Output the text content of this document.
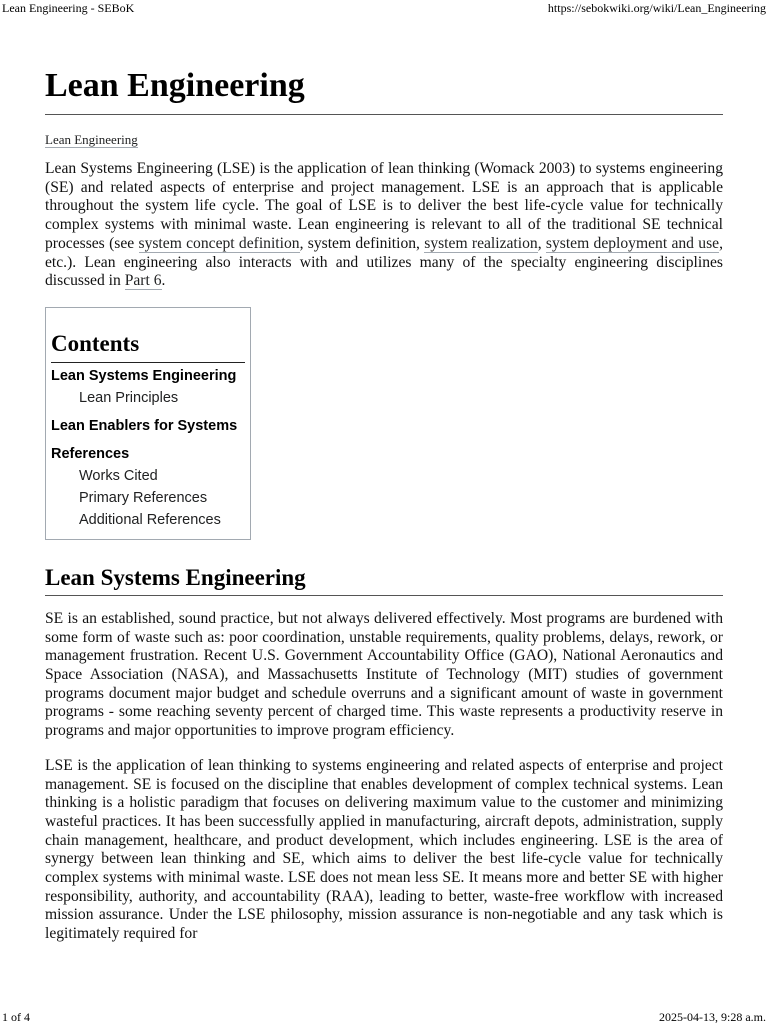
Lean Engineering - SEBoK	https://sebokwiki.org/wiki/Lean_Engineering
Lean Engineering
Lean Engineering

Lean Systems Engineering (LSE) is the application of lean thinking (Womack 2003) to systems engineering (SE) and related aspects of enterprise and project management. LSE is an approach that is applicable throughout the system life cycle. The goal of LSE is to deliver the best life-cycle value for technically complex systems with minimal waste. Lean engineering is relevant to all of the traditional SE technical processes (see system concept definition, system definition, system realization, system deployment and use, etc.). Lean engineering also interacts with and utilizes many of the specialty engineering disciplines discussed in Part 6.

Contents
Lean Systems Engineering
Lean Principles
Lean Enablers for Systems
References
Works Cited
Primary References
Additional References
Lean Systems Engineering

SE is an established, sound practice, but not always delivered effectively. Most programs are burdened with some form of waste such as: poor coordination, unstable requirements, quality problems, delays, rework, or management frustration. Recent U.S. Government Accountability Office (GAO), National Aeronautics and Space Association (NASA), and Massachusetts Institute of Technology (MIT) studies of government programs document major budget and schedule overruns and a significant amount of waste in government programs - some reaching seventy percent of charged time. This waste represents a productivity reserve in programs and major opportunities to improve program efficiency.

LSE is the application of lean thinking to systems engineering and related aspects of enterprise and project management. SE is focused on the discipline that enables development of complex technical systems. Lean thinking is a holistic paradigm that focuses on delivering maximum value to the customer and minimizing wasteful practices. It has been successfully applied in manufacturing, aircraft depots, administration, supply chain management, healthcare, and product development, which includes engineering. LSE is the area of synergy between lean thinking and SE, which aims to deliver the best life-cycle value for technically complex systems with minimal waste. LSE does not mean less SE. It means more and better SE with higher responsibility, authority, and accountability (RAA), leading to better, waste-free workflow with increased mission assurance. Under the LSE philosophy, mission assurance is non-negotiable and any task which is legitimately required for

1 of 4	2025-04-13, 9:28 a.m.
